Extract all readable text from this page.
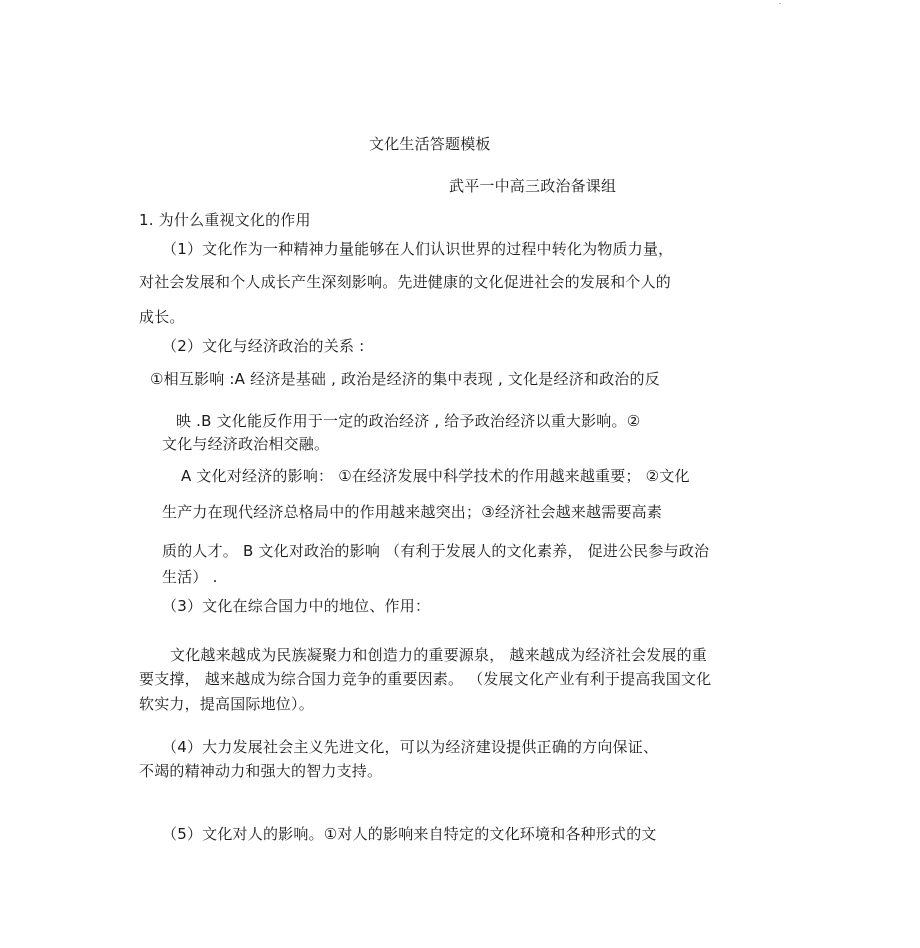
文化生活答题模板
武平一中高三政治备课组
1. 为什么重视文化的作用
（1）文化作为一种精神力量能够在人们认识世界的过程中转化为物质力量，
对社会发展和个人成长产生深刻影响。先进健康的文化促进社会的发展和个人的
成长。
（2）文化与经济政治的关系 :
①相互影响 :A 经济是基础 , 政治是经济的集中表现 , 文化是经济和政治的反
映 .B 文化能反作用于一定的政治经济 , 给予政治经济以重大影响。②
文化与经济政治相交融。
A 文化对经济的影响： ①在经济发展中科学技术的作用越来越重要； ②文化
生产力在现代经济总格局中的作用越来越突出；③经济社会越来越需要高素
质的人才。 B 文化对政治的影响 （有利于发展人的文化素养， 促进公民参与政治
生活） .
（3）文化在综合国力中的地位、作用：
文化越来越成为民族凝聚力和创造力的重要源泉， 越来越成为经济社会发展的重
要支撑， 越来越成为综合国力竞争的重要因素。 （发展文化产业有利于提高我国文化
软实力，提高国际地位）。
（4）大力发展社会主义先进文化，可以为经济建设提供正确的方向保证、
不竭的精神动力和强大的智力支持。
（5）文化对人的影响。①对人的影响来自特定的文化环境和各种形式的文
